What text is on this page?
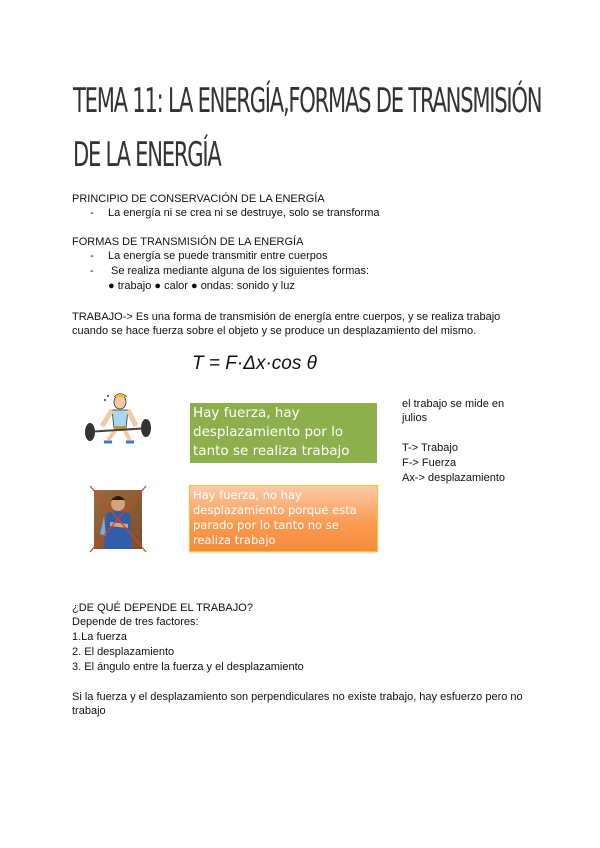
TEMA 11: LA ENERGÍA,FORMAS DE TRANSMISIÓN
DE LA ENERGÍA
PRINCIPIO DE CONSERVACIÓN DE LA ENERGÍA
- La energía ni se crea ni se destruye, solo se transforma
FORMAS DE TRANSMISIÓN DE LA ENERGÍA
- La energía se puede transmitir entre cuerpos
- Se realiza mediante alguna de los siguientes formas:
● trabajo ● calor ● ondas: sonido y luz
TRABAJO-> Es una forma de transmisión de energía entre cuerpos, y se realiza trabajo
cuando se hace fuerza sobre el objeto y se produce un desplazamiento del mismo.
T = F·Δx·cos θ
Hay fuerza, hay
desplazamiento por lo
tanto se realiza trabajo
el trabajo se mide en
julios
T-> Trabajo
F-> Fuerza
Ax-> desplazamiento
Hay fuerza, no hay
desplazamiento porque esta
parado por lo tanto no se
realiza trabajo
¿DE QUÉ DEPENDE EL TRABAJO?
Depende de tres factores:
1.La fuerza
2. El desplazamiento
3. El ángulo entre la fuerza y el desplazamiento
Si la fuerza y el desplazamiento son perpendiculares no existe trabajo, hay esfuerzo pero no
trabajo
